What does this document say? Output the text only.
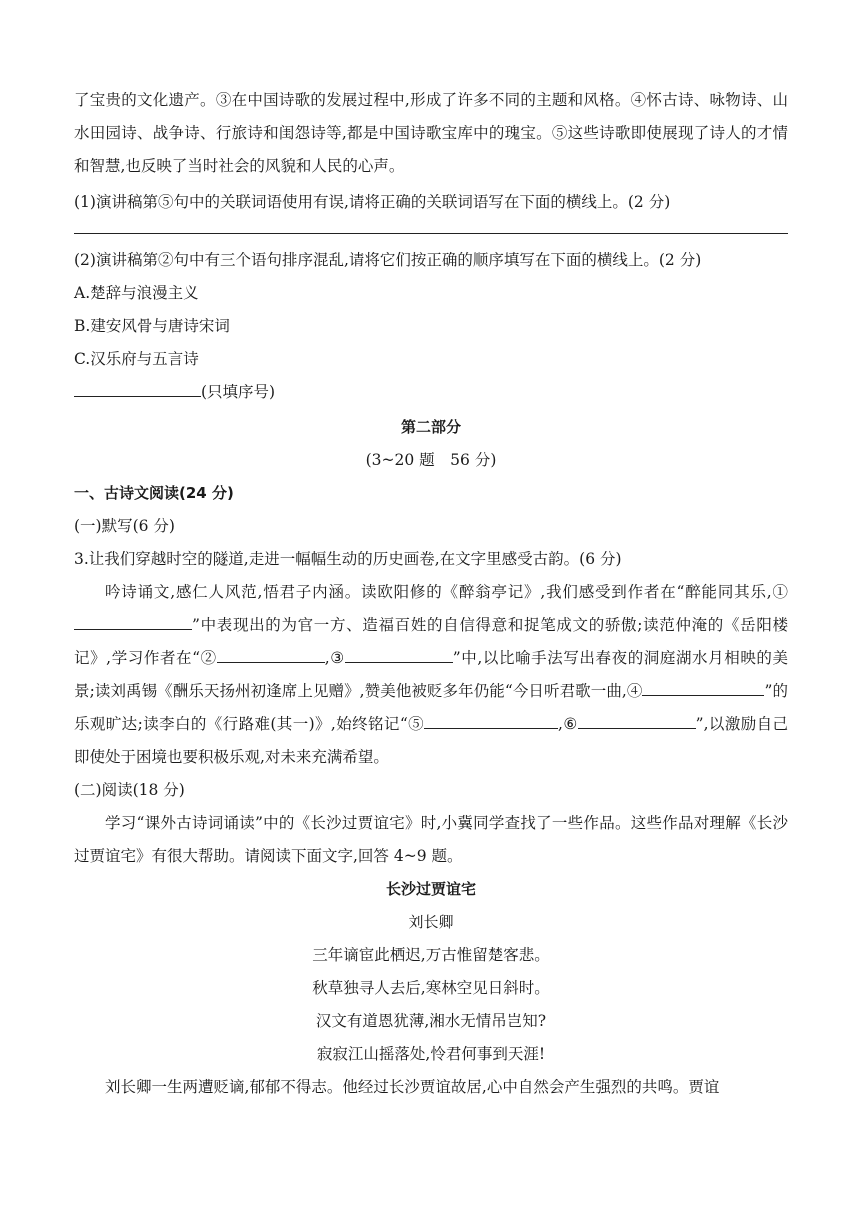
了宝贵的文化遗产。③在中国诗歌的发展过程中,形成了许多不同的主题和风格。④怀古诗、咏物诗、山水田园诗、战争诗、行旅诗和闺怨诗等,都是中国诗歌宝库中的瑰宝。⑤这些诗歌即使展现了诗人的才情和智慧,也反映了当时社会的风貌和人民的心声。

(1)演讲稿第⑤句中的关联词语使用有误,请将正确的关联词语写在下面的横线上。(2 分)

(2)演讲稿第②句中有三个语句排序混乱,请将它们按正确的顺序填写在下面的横线上。(2 分)

A.楚辞与浪漫主义

B.建安风骨与唐诗宋词

C.汉乐府与五言诗

(只填序号)

第二部分

(3~20 题　56 分)

一、古诗文阅读(24 分)

(一)默写(6 分)

3.让我们穿越时空的隧道,走进一幅幅生动的历史画卷,在文字里感受古韵。(6 分)

吟诗诵文,感仁人风范,悟君子内涵。读欧阳修的《醉翁亭记》,我们感受到作者在“醉能同其乐,①”中表现出的为官一方、造福百姓的自信得意和捉笔成文的骄傲;读范仲淹的《岳阳楼记》,学习作者在“②	,③	”中,以比喻手法写出春夜的洞庭湖水月相映的美景;读刘禹锡《酬乐天扬州初逢席上见赠》,赞美他被贬多年仍能“今日听君歌一曲,④	”的乐观旷达;读李白的《行路难(其一)》,始终铭记“⑤	,⑥	”,以激励自己即使处于困境也要积极乐观,对未来充满希望。

(二)阅读(18 分)

学习“课外古诗词诵读”中的《长沙过贾谊宅》时,小冀同学查找了一些作品。这些作品对理解《长沙过贾谊宅》有很大帮助。请阅读下面文字,回答 4~9 题。

长沙过贾谊宅

刘长卿

三年谪宦此栖迟,万古惟留楚客悲。

秋草独寻人去后,寒林空见日斜时。

汉文有道恩犹薄,湘水无情吊岂知?

寂寂江山摇落处,怜君何事到天涯!

刘长卿一生两遭贬谪,郁郁不得志。他经过长沙贾谊故居,心中自然会产生强烈的共鸣。贾谊
